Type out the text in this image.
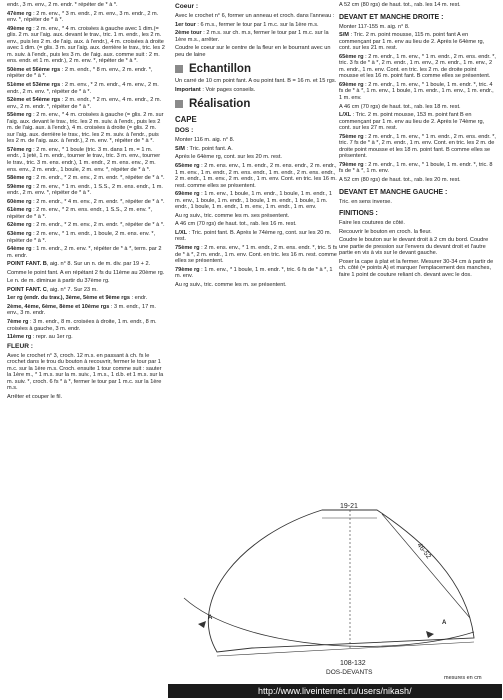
endr., 3 m. env., 2 m. endr. * répéter de * à *.
47ème rg : 2 m. env., * 3 m. endr., 2 m. env., 3 m. endr., 2 m. env. *, répéter de * à *.
49ème rg : 2 m. env., * 4 m. croisées à gauche avec 1 dim.(= glis. 2 m. sur l'aig. aux. devant le trav., tric. 1 m. endr., les 2 m. env., puis les 2 m. de l'aig. aux. à l'endr.), 4 m. croisées à droite avec 1 dim. (= glis. 3 m. sur l'aig. aux. derrière le trav., tric. les 2 m. suiv. à l'endr., puis les 3 m. de l'aig. aux. comme suit : 2 m. ens. endr. et 1 m. endr.), 2 m. env. *, répéter de * à *.
50ème et 56ème rgs : 2 m. endr., * 8 m. env., 2 m. endr. *, répéter de * à *.
51ème et 53ème rgs : 2 m. env., * 2 m. endr., 4 m. env., 2 m. endr., 2 m. env. *, répéter de * à *.
52ème et 54ème rgs : 2 m. endr., * 2 m. env., 4 m. endr., 2 m. env., 2 m. endr. *, répéter de * à *.
55ème rg : 2 m. env., * 4 m. croisées à gauche (= glis. 2 m. sur l'aig. aux. devant le trav., tric. les 2 m. suiv. à l'endr., puis les 2 m. de l'aig. aux. à l'endr.), 4 m. croisées à droite (= glis. 2 m. sur l'aig. aux. derrière le trav., tric. les 2 m. suiv. à l'endr., puis les 2 m. de l'aig. aux. à l'endr.), 2 m. env. *, répéter de * à *.
57ème rg : 2 m. env., * 1 boule (tric. 3 m. dans 1 m. = 1 m. endr., 1 jeté, 1 m. endr., tourner le trav., tric. 3 m. env., tourner le trav., tric. 3 m. ens. endr.), 1 m. endr., 2 m. ens. env., 2 m. ens. env., 2 m. endr., 1 boule, 2 m. env. *, répéter de * à *.
58ème rg : 2 m. endr., * 2 m. env., 2 m. endr. *, répéter de * à *.
59ème rg : 2 m. env., * 1 m. endr., 1 S.S., 2 m. ens. endr., 1 m. endr., 2 m. env. *, répéter de * à *.
60ème rg : 2 m. endr., * 4 m. env., 2 m. endr. *, répéter de * à *.
61ème rg : 2 m. env., * 2 m. ens. endr., 1 S.S., 2 m. env. *, répéter de * à *.
62ème rg : 2 m. endr., * 2 m. env., 2 m. endr. *, répéter de * à *.
63ème rg : 2 m. env., * 1 m. endr., 1 boule, 2 m. ens. env. *, répéter de * à *.
64ème rg : 1 m. endr., 2 m. env. *, répéter de * à *, term. par 2 m. endr.
POINT FANT. B, aig. n° 8. Sur un n. de m. div. par 19 + 2.
Comme le point fant. A en répétant 2 fs du 11ème au 20ème rg.
Le n. de m. diminue à partir du 37ème rg.
POINT FANT. C, aig. n° 7. Sur 23 m.
1er rg (endr. du trav.), 3ème, 5ème et 9ème rgs : endr.
2ème, 4ème, 6ème, 8ème et 10ème rgs : 3 m. endr., 17 m. env., 3 m. endr.
7ème rg : 3 m. endr., 8 m. croisées à droite, 1 m. endr., 8 m. croisées à gauche, 3 m. endr.
11ème rg : repr. au 1er rg.
FLEUR :
Avec le crochet n° 3, croch. 12 m.s. en passant à ch. fs le crochet dans le trou du bouton à recouvrir, fermer le tour par 1 m.c. sur la 1ère m.s. Croch. ensuite 1 tour comme suit : sauter la 1ère m., * 1 m.s. sur la m. suiv., 1 m.s., 1 d.b. et 1 m.s. sur la m. suiv. *, croch. 6 fs * à *, fermer le tour par 1 m.c. sur la 1ère m.s.
Arrêter et couper le fil.
Coeur :
Avec le crochet n° 6, former un anneau et croch. dans l'anneau :
1er tour : 6 m.s., fermer le tour par 1 m.c. sur la 1ère m.s.
2ème tour : 2 m.s. sur ch. m.s, fermer le tour par 1 m.c. sur la 1ère m.s., arrêter.
Coudre le coeur sur le centre de la fleur en le bourrant avec un peu de laine
Echantillon
Un carré de 10 cm point fant. A ou point fant. B = 16 m. et 15 rgs.
Important : Voir pages conseils.
Réalisation
CAPE
DOS :
Monter 116 m. aig. n° 8.
S/M : Tric. point fant. A.
Après le 64ème rg, cont. sur les 20 m. rest.
65ème rg : 2 m. ens. env., 1 m. endr., 2 m. ens. endr., 2 m. endr., 1 m. env., 1 m. endr., 2 m. ens. endr., 1 m. endr., 2 m. ens. endr., 2 m. endr., 1 m. env., 2 m. endr., 1 m. env. Cont. en tric. les 16 m. rest. comme elles se présentent.
69ème rg : 1 m. env., 1 boule, 1 m. endr., 1 boule, 1 m. endr., 1 m. env., 1 boule, 1 m. endr., 1 boule, 1 m. endr., 1 boule, 1 m. endr., 1 boule, 1 m. endr., 1 m. env., 1 m. endr., 1 m. env.
Au rg suiv., tric. comme les m. ses présentent.
A 46 cm (70 rgs) de haut. tot., rab. les 16 m. rest.
L/XL : Tric. point fant. B. Après le 74ème rg, cont. sur les 20 m. rest.
75ème rg : 2 m. ens. env., * 1 m. endr., 2 m. ens. endr. *, tric. 5 fs de * à *, 2 m. endr., 1 m. env. Cont. en tric. les 16 m. rest. comme elles se présentent.
79ème rg : 1 m. env., * 1 boule, 1 m. endr. *, tric. 6 fs de * à *, 1 m. env.
Au rg suiv., tric. comme les m. se présentent.
A 52 cm (80 rgs) de haut. tot., rab. les 14 m. rest.
DEVANT ET MANCHE DROITE :
Monter 117-155 m. aig. n° 8.
S/M : Tric. 2 m. point mousse, 115 m. point fant A en commençant par 1 m. env au lieu de 2. Après le 64ème rg, cont. sur les 21 m. rest.
65ème rg : 2 m. endr., 1 m. env., * 1 m. endr., 2 m. ens. endr. *, tric. 3 fs de * à *, 2 m. endr., 1 m. env., 2 m. endr., 1 m. env., 2 m. endr., 1 m. env. Cont. en tric. les 2 m. de droite point mousse et les 16 m. point fant. B comme elles se présentent.
69ème rg : 2 m. endr., 1 m. env., * 1 boule, 1 m. endr. *, tric. 4 fs de * à *, 1 m. env., 1 boule, 1 m. endr., 1 m. env., 1 m. endr., 1 m. env.
A 46 cm (70 rgs) de haut. tot., rab. les 18 m. rest.
L/XL : Tric. 2 m. point mousse, 153 m. point fant B en commençant par 1 m. env au lieu de 2. Après le 74ème rg, cont. sur les 27 m. rest.
75ème rg : 2 m. endr., 1 m. env., * 1 m. endr., 2 m. ens. endr. *, tric. 7 fs de * à *, 2 m. endr., 1 m. env. Cont. en tric. les 2 m. de droite point mousse et les 18 m. point fant. B comme elles se présentent.
79ème rg : 2 m. endr., 1 m. env., * 1 boule, 1 m. endr. *, tric. 8 fs de * à *, 1 m. env.
A 52 cm (80 rgs) de haut. tot., rab. les 20 m. rest.
DEVANT ET MANCHE GAUCHE :
Tric. en sens inverse.
FINITIONS :
Faire les coutures de côté.
Recouvrir le bouton en croch. la fleur.
Coudre le bouton sur le devant droit à 2 cm du bord. Coudre une partie de pression sur l'envers du devant droit et l'autre partie en vis à vis sur le devant gauche.
Poser la cape à plat et la fermer. Mesurer 30-34 cm à partir de ch. côté (= points A) et marquer l'emplacement des manches, faire 1 point de couture reliant ch. devant avec le dos.
19-21
46-52
A
A
108-132
DOS-DEVANTS
mesures en cm
http://www.liveinternet.ru/users/nikash/
